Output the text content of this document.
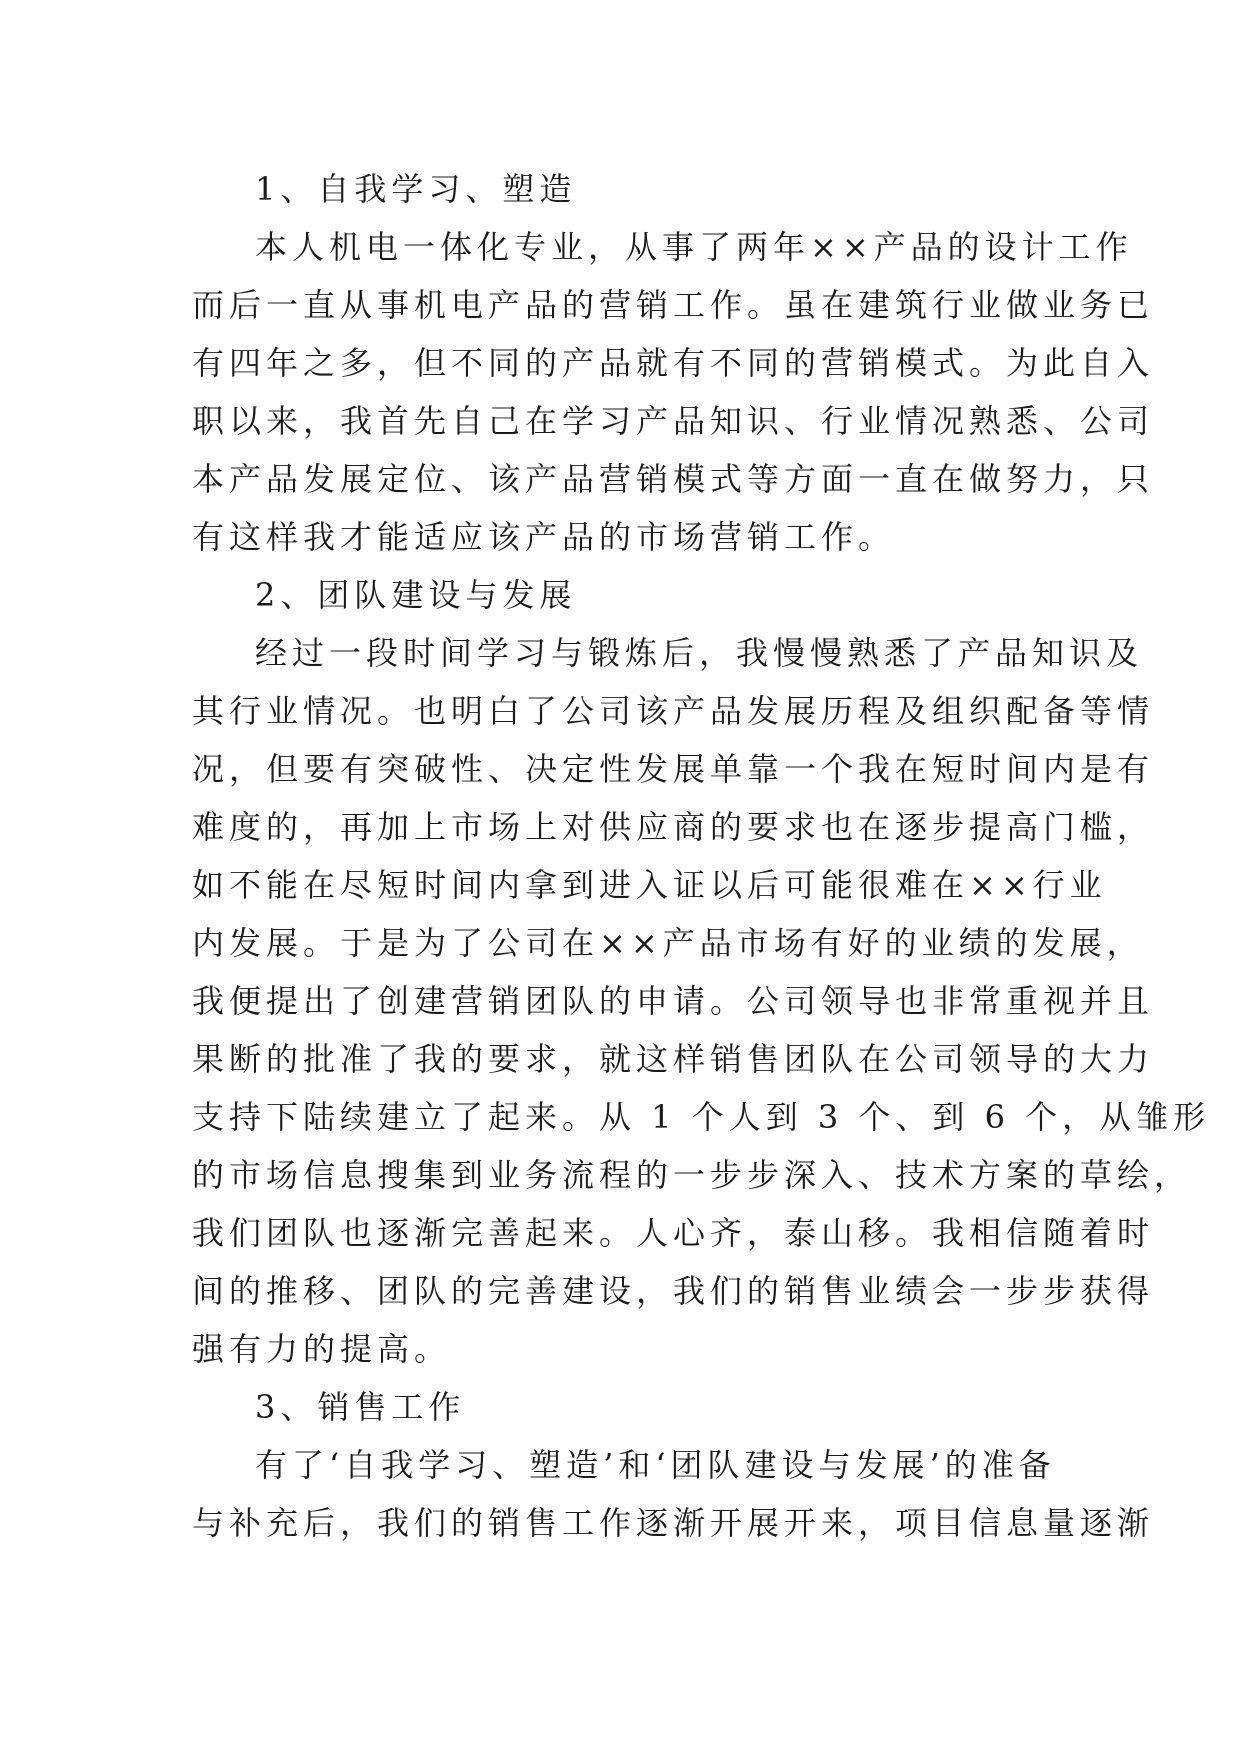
1、自我学习、塑造
本人机电一体化专业，从事了两年××产品的设计工作
而后一直从事机电产品的营销工作。虽在建筑行业做业务已
有四年之多，但不同的产品就有不同的营销模式。为此自入
职以来，我首先自己在学习产品知识、行业情况熟悉、公司
本产品发展定位、该产品营销模式等方面一直在做努力，只
有这样我才能适应该产品的市场营销工作。
2、团队建设与发展
经过一段时间学习与锻炼后，我慢慢熟悉了产品知识及
其行业情况。也明白了公司该产品发展历程及组织配备等情
况，但要有突破性、决定性发展单靠一个我在短时间内是有
难度的，再加上市场上对供应商的要求也在逐步提高门槛，
如不能在尽短时间内拿到进入证以后可能很难在××行业
内发展。于是为了公司在××产品市场有好的业绩的发展，
我便提出了创建营销团队的申请。公司领导也非常重视并且
果断的批准了我的要求，就这样销售团队在公司领导的大力
支持下陆续建立了起来。从 1 个人到 3 个、到 6 个，从雏形
的市场信息搜集到业务流程的一步步深入、技术方案的草绘，
我们团队也逐渐完善起来。人心齐，泰山移。我相信随着时
间的推移、团队的完善建设，我们的销售业绩会一步步获得
强有力的提高。
3、销售工作
有了‘自我学习、塑造’和‘团队建设与发展’的准备
与补充后，我们的销售工作逐渐开展开来，项目信息量逐渐
